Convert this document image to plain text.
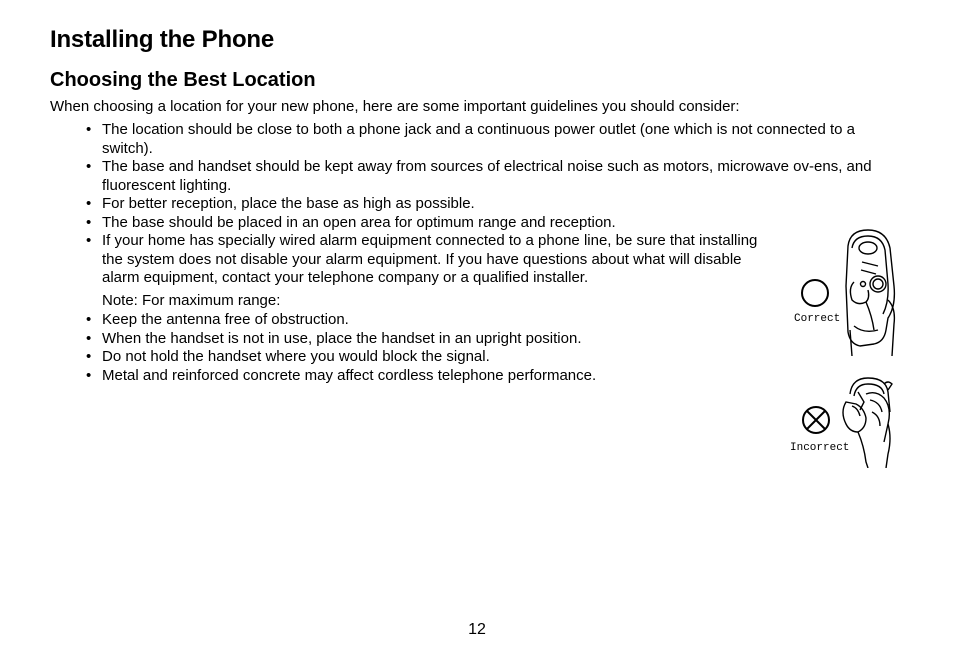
Installing the Phone
Choosing the Best Location

When choosing a location for your new phone, here are some important guidelines you should consider:

• The location should be close to both a phone jack and a continuous power outlet (one which is not connected to a switch).
• The base and handset should be kept away from sources of electrical noise such as motors, microwave ov-ens, and fluorescent lighting.
• For better reception, place the base as high as possible.
• The base should be placed in an open area for optimum range and reception.
• If your home has specially wired alarm equipment connected to a phone line, be sure that installing the system does not disable your alarm equipment. If you have questions about what will disable alarm equipment, contact your telephone company or a qualified installer.

Note: For maximum range:

• Keep the antenna free of obstruction.
• When the handset is not in use, place the handset in an upright position.
• Do not hold the handset where you would block the signal.
• Metal and reinforced concrete may affect cordless telephone performance.
Correct
Incorrect

12
